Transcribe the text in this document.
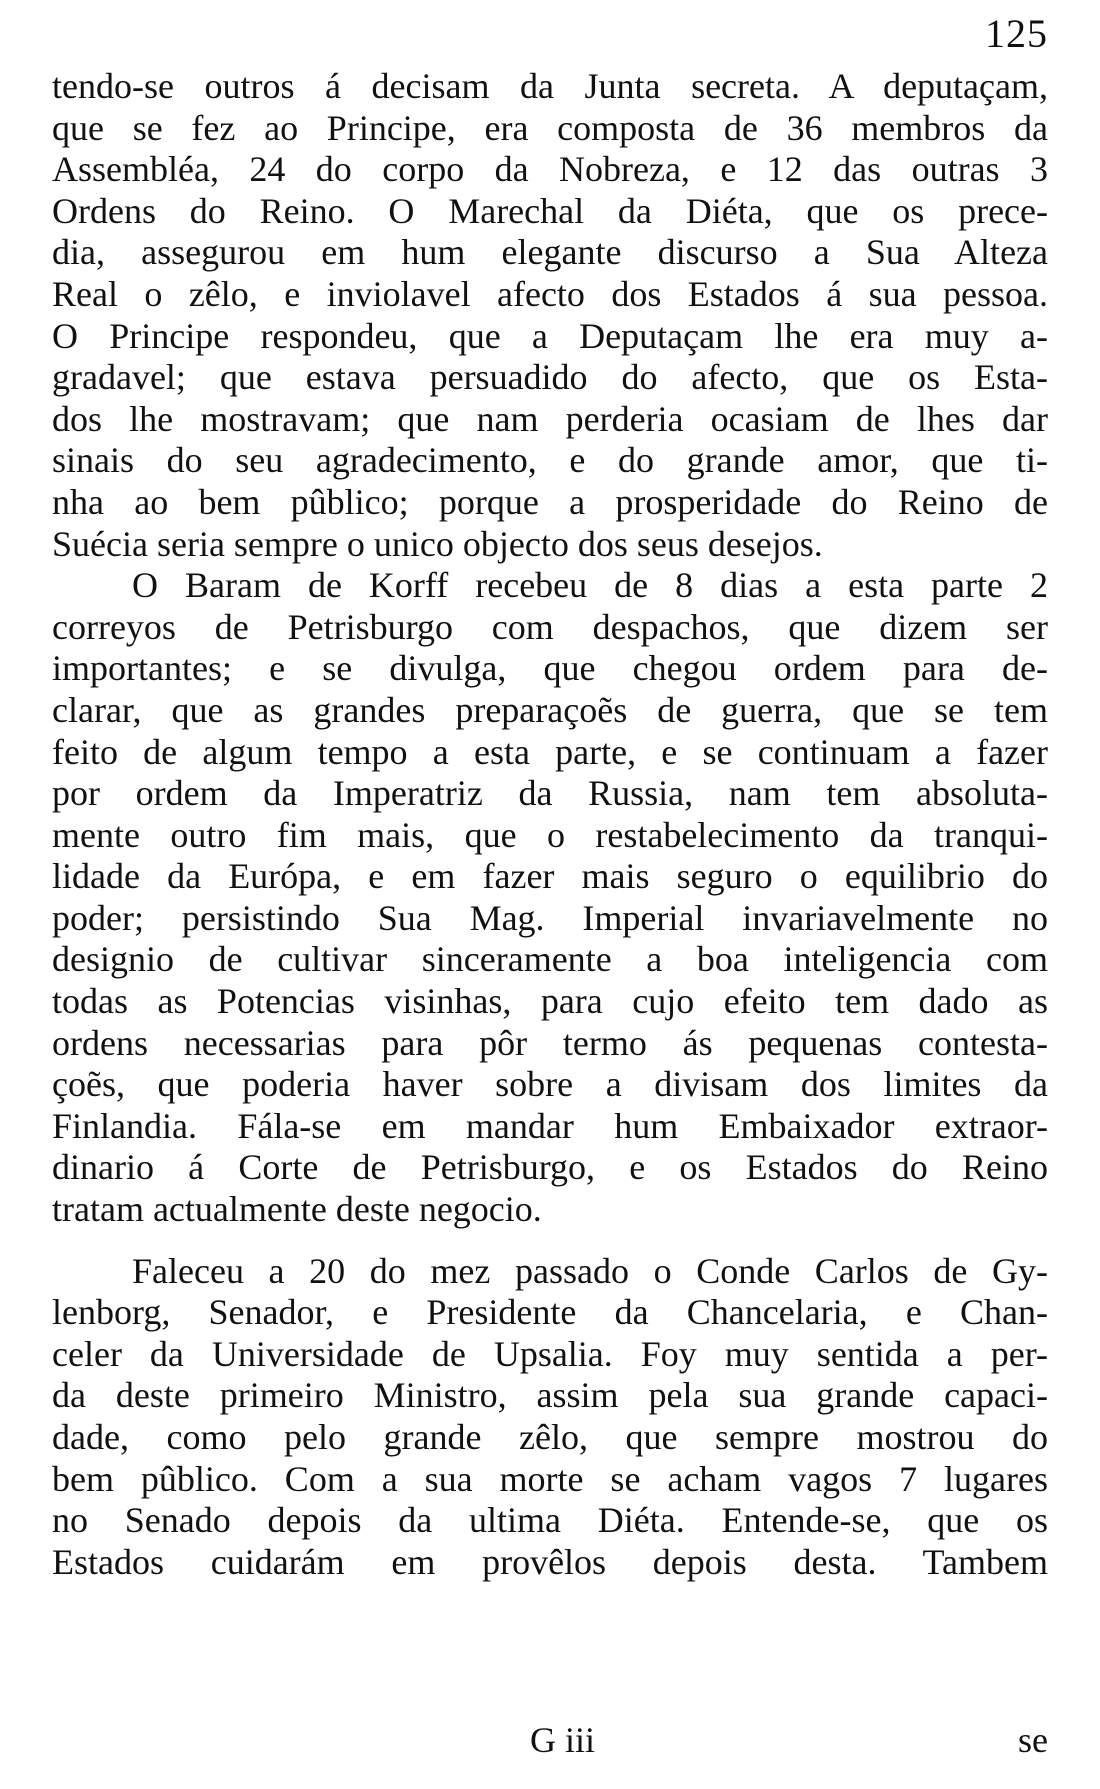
125
tendo-se outros á decisam da Junta secreta. A deputaçam,
que se fez ao Principe, era composta de 36 membros da
Assembléa, 24 do corpo da Nobreza, e 12 das outras 3
Ordens do Reino. O Marechal da Diéta, que os prece-
dia, assegurou em hum elegante discurso a Sua Alteza
Real o zêlo, e inviolavel afecto dos Estados á sua pessoa.
O Principe respondeu, que a Deputaçam lhe era muy a-
gradavel; que estava persuadido do afecto, que os Esta-
dos lhe mostravam; que nam perderia ocasiam de lhes dar
sinais do seu agradecimento, e do grande amor, que ti-
nha ao bem pûblico; porque a prosperidade do Reino de
Suécia seria sempre o unico objecto dos seus desejos.
O Baram de Korff recebeu de 8 dias a esta parte 2
correyos de Petrisburgo com despachos, que dizem ser
importantes; e se divulga, que chegou ordem para de-
clarar, que as grandes preparaçoẽs de guerra, que se tem
feito de algum tempo a esta parte, e se continuam a fazer
por ordem da Imperatriz da Russia, nam tem absoluta-
mente outro fim mais, que o restabelecimento da tranqui-
lidade da Európa, e em fazer mais seguro o equilibrio do
poder; persistindo Sua Mag. Imperial invariavelmente no
designio de cultivar sinceramente a boa inteligencia com
todas as Potencias visinhas, para cujo efeito tem dado as
ordens necessarias para pôr termo ás pequenas contesta-
çoẽs, que poderia haver sobre a divisam dos limites da
Finlandia. Fála-se em mandar hum Embaixador extraor-
dinario á Corte de Petrisburgo, e os Estados do Reino
tratam actualmente deste negocio.
Faleceu a 20 do mez passado o Conde Carlos de Gy-
lenborg, Senador, e Presidente da Chancelaria, e Chan-
celer da Universidade de Upsalia. Foy muy sentida a per-
da deste primeiro Ministro, assim pela sua grande capaci-
dade, como pelo grande zêlo, que sempre mostrou do
bem pûblico. Com a sua morte se acham vagos 7 lugares
no Senado depois da ultima Diéta. Entende-se, que os
Estados cuidarám em provêlos depois desta. Tambem
G iii	se
